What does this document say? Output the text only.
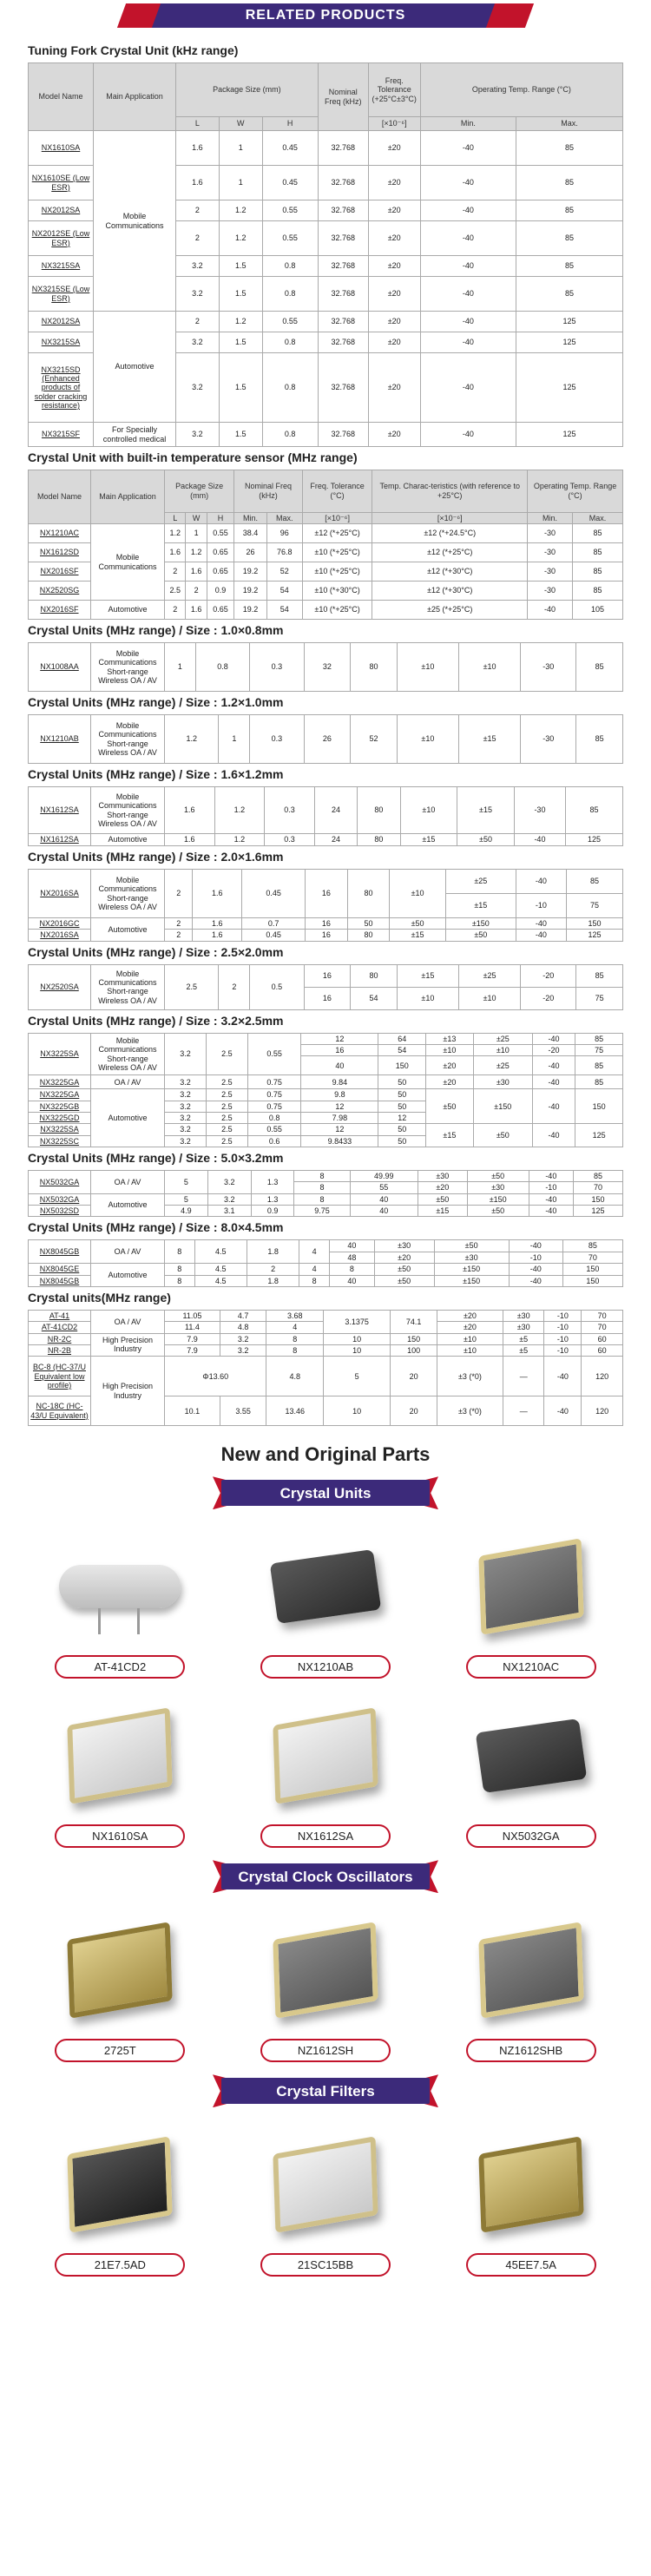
RELATED PRODUCTS
Tuning Fork Crystal Unit (kHz range)
Model Name	Main Application	Package Size (mm)			Nominal Freq (kHz)	Freq. Tolerance (+25°C±3°C)	Operating Temp. Range (°C)	
		L	W	H		[×10⁻⁶]	Min.	Max.
NX1610SA	Mobile Communications	1.6	1	0.45	32.768	±20	-40	85
NX1610SE (Low ESR)		1.6	1	0.45	32.768	±20	-40	85
NX2012SA		2	1.2	0.55	32.768	±20	-40	85
NX2012SE (Low ESR)		2	1.2	0.55	32.768	±20	-40	85
NX3215SA		3.2	1.5	0.8	32.768	±20	-40	85
NX3215SE (Low ESR)		3.2	1.5	0.8	32.768	±20	-40	85
NX2012SA	Automotive	2	1.2	0.55	32.768	±20	-40	125
NX3215SA		3.2	1.5	0.8	32.768	±20	-40	125
NX3215SD (Enhanced products of solder cracking resistance)		3.2	1.5	0.8	32.768	±20	-40	125
NX3215SF	For Specially controlled medical	3.2	1.5	0.8	32.768	±20	-40	125
Crystal Unit with built-in temperature sensor (MHz range)
Model Name	Main Application	Package Size (mm)			Nominal Freq (kHz)		Freq. Tolerance (°C)	Temp. Charac-teristics (with reference to +25°C)	Operating Temp. Range (°C)	
		L	W	H	Min.	Max.	[×10⁻⁶]	[×10⁻⁶]	Min.	Max.
NX1210AC	Mobile Communications	1.2	1	0.55	38.4	96	±12 (*+25°C)	±12 (*+24.5°C)	-30	85
NX1612SD		1.6	1.2	0.65	26	76.8	±10 (*+25°C)	±12 (*+25°C)	-30	85
NX2016SF		2	1.6	0.65	19.2	52	±10 (*+25°C)	±12 (*+30°C)	-30	85
NX2520SG		2.5	2	0.9	19.2	54	±10 (*+30°C)	±12 (*+30°C)	-30	85
NX2016SF	Automotive	2	1.6	0.65	19.2	54	±10 (*+25°C)	±25 (*+25°C)	-40	105
Crystal Units (MHz range) / Size : 1.0×0.8mm
NX1008AA	Mobile Communications Short-range Wireless OA / AV	1	0.8	0.3	32	80	±10	±10	-30	85
Crystal Units (MHz range) / Size : 1.2×1.0mm
NX1210AB	Mobile Communications Short-range Wireless OA / AV	1.2	1	0.3	26	52	±10	±15	-30	85
Crystal Units (MHz range) / Size : 1.6×1.2mm
NX1612SA	Mobile Communications Short-range Wireless OA / AV	1.6	1.2	0.3	24	80	±10	±15	-30	85
NX1612SA	Automotive	1.6	1.2	0.3	24	80	±15	±50	-40	125
Crystal Units (MHz range) / Size : 2.0×1.6mm
NX2016SA	Mobile Communications Short-range Wireless OA / AV	2	1.6	0.45	16	80	±10	±25	-40	85
								±15	-10	75
NX2016GC	Automotive	2	1.6	0.7	16	50	±50	±150	-40	150
NX2016SA		2	1.6	0.45	16	80	±15	±50	-40	125
Crystal Units (MHz range) / Size : 2.5×2.0mm
NX2520SA	Mobile Communications Short-range Wireless OA / AV	2.5	2	0.5	16	80	±15	±25	-20	85
					16	54	±10	±10	-20	75
Crystal Units (MHz range) / Size : 3.2×2.5mm
NX3225SA	Mobile Communications Short-range Wireless OA / AV	3.2	2.5	0.55	12	64	±13	±25	-40	85
					16	54	±10	±10	-20	75
					40	150	±20	±25	-40	85
NX3225GA	OA / AV	3.2	2.5	0.75	9.84	50	±20	±30	-40	85
NX3225GA	Automotive	3.2	2.5	0.75	9.8	50	±50	±150	-40	150
NX3225GB		3.2	2.5	0.75	12	50				
NX3225GD		3.2	2.5	0.8	7.98	12				
NX3225SA		3.2	2.5	0.55	12	50	±15	±50	-40	125
NX3225SC		3.2	2.5	0.6	9.8433	50				
Crystal Units (MHz range) / Size : 5.0×3.2mm
NX5032GA	OA / AV	5	3.2	1.3	8	49.99	±30	±50	-40	85
					8	55	±20	±30	-10	70
NX5032GA	Automotive	5	3.2	1.3	8	40	±50	±150	-40	150
NX5032SD		4.9	3.1	0.9	9.75	40	±15	±50	-40	125
Crystal Units (MHz range) / Size : 8.0×4.5mm
NX8045GB	OA / AV	8	4.5	1.8	4	40	±30	±50	-40	85
						48	±20	±30	-10	70
NX8045GE	Automotive	8	4.5	2	4	8	±50	±150	-40	150
NX8045GB		8	4.5	1.8	8	40	±50	±150	-40	150
Crystal units(MHz range)
AT-41	OA / AV	11.05	4.7	3.68	3.1375	74.1	±20	±30	-10	70
AT-41CD2		11.4	4.8	4			±20	±30	-10	70
NR-2C	High Precision Industry	7.9	3.2	8	10	150	±10	±5	-10	60
NR-2B		7.9	3.2	8	10	100	±10	±5	-10	60
BC-8 (HC-37/U Equivalent low profile)	High Precision Industry	Φ13.60		4.8	5	20	±3 (*0)	—	-40	120
NC-18C (HC-43/U Equivalent)		10.1	3.55	13.46	10	20	±3 (*0)	—	-40	120
New and Original Parts
Crystal Units
AT-41CD2	NX1210AB	NX1210AC
NX1610SA	NX1612SA	NX5032GA
Crystal Clock Oscillators
2725T	NZ1612SH	NZ1612SHB
Crystal Filters
21E7.5AD	21SC15BB	45EE7.5A
